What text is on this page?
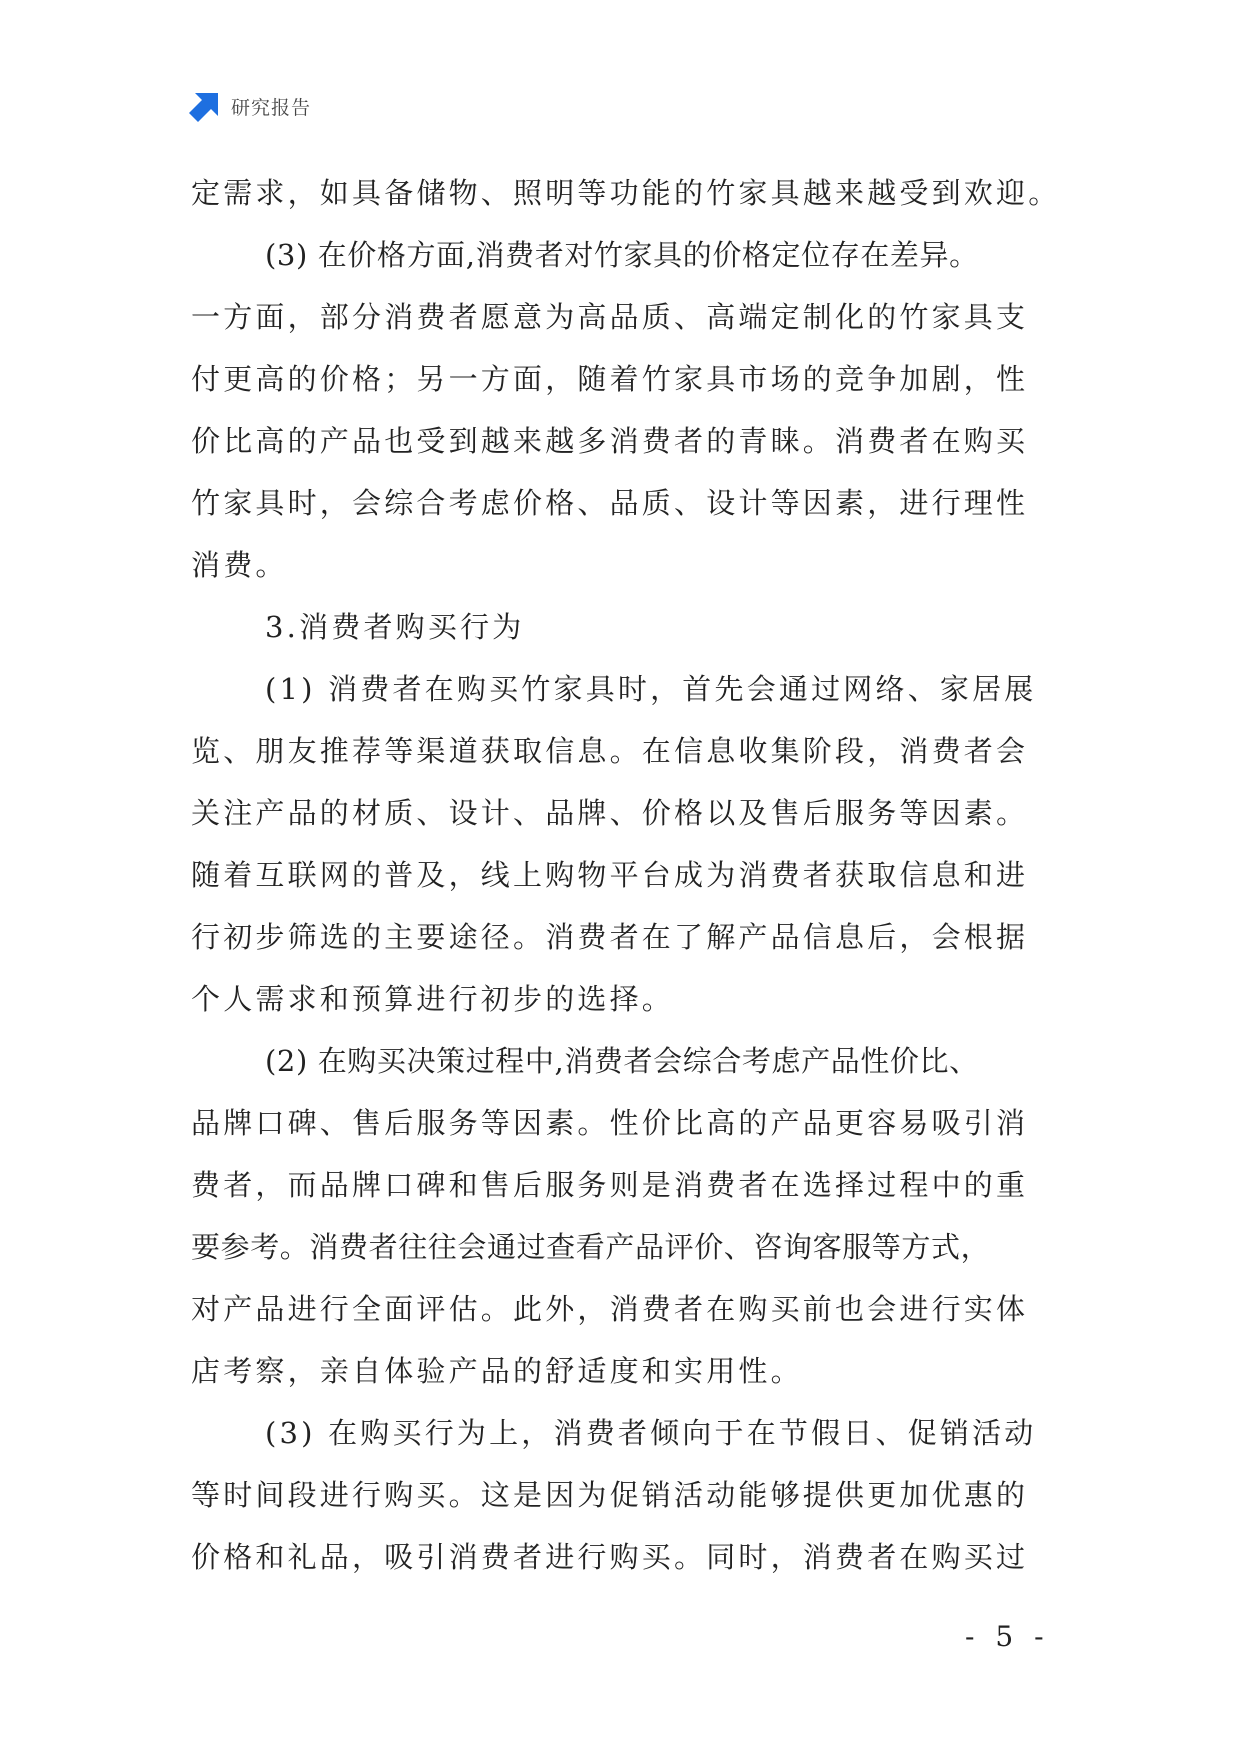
研究报告
定需求，如具备储物、照明等功能的竹家具越来越受到欢迎。
(3) 在价格方面,消费者对竹家具的价格定位存在差异。
一方面，部分消费者愿意为高品质、高端定制化的竹家具支
付更高的价格；另一方面，随着竹家具市场的竞争加剧，性
价比高的产品也受到越来越多消费者的青睐。消费者在购买
竹家具时，会综合考虑价格、品质、设计等因素，进行理性
消费。
3.消费者购买行为
(1) 消费者在购买竹家具时，首先会通过网络、家居展
览、朋友推荐等渠道获取信息。在信息收集阶段，消费者会
关注产品的材质、设计、品牌、价格以及售后服务等因素。
随着互联网的普及，线上购物平台成为消费者获取信息和进
行初步筛选的主要途径。消费者在了解产品信息后，会根据
个人需求和预算进行初步的选择。
(2) 在购买决策过程中,消费者会综合考虑产品性价比、
品牌口碑、售后服务等因素。性价比高的产品更容易吸引消
费者，而品牌口碑和售后服务则是消费者在选择过程中的重
要参考。消费者往往会通过查看产品评价、咨询客服等方式，
对产品进行全面评估。此外，消费者在购买前也会进行实体
店考察，亲自体验产品的舒适度和实用性。
(3) 在购买行为上，消费者倾向于在节假日、促销活动
等时间段进行购买。这是因为促销活动能够提供更加优惠的
价格和礼品，吸引消费者进行购买。同时，消费者在购买过
- 5 -
